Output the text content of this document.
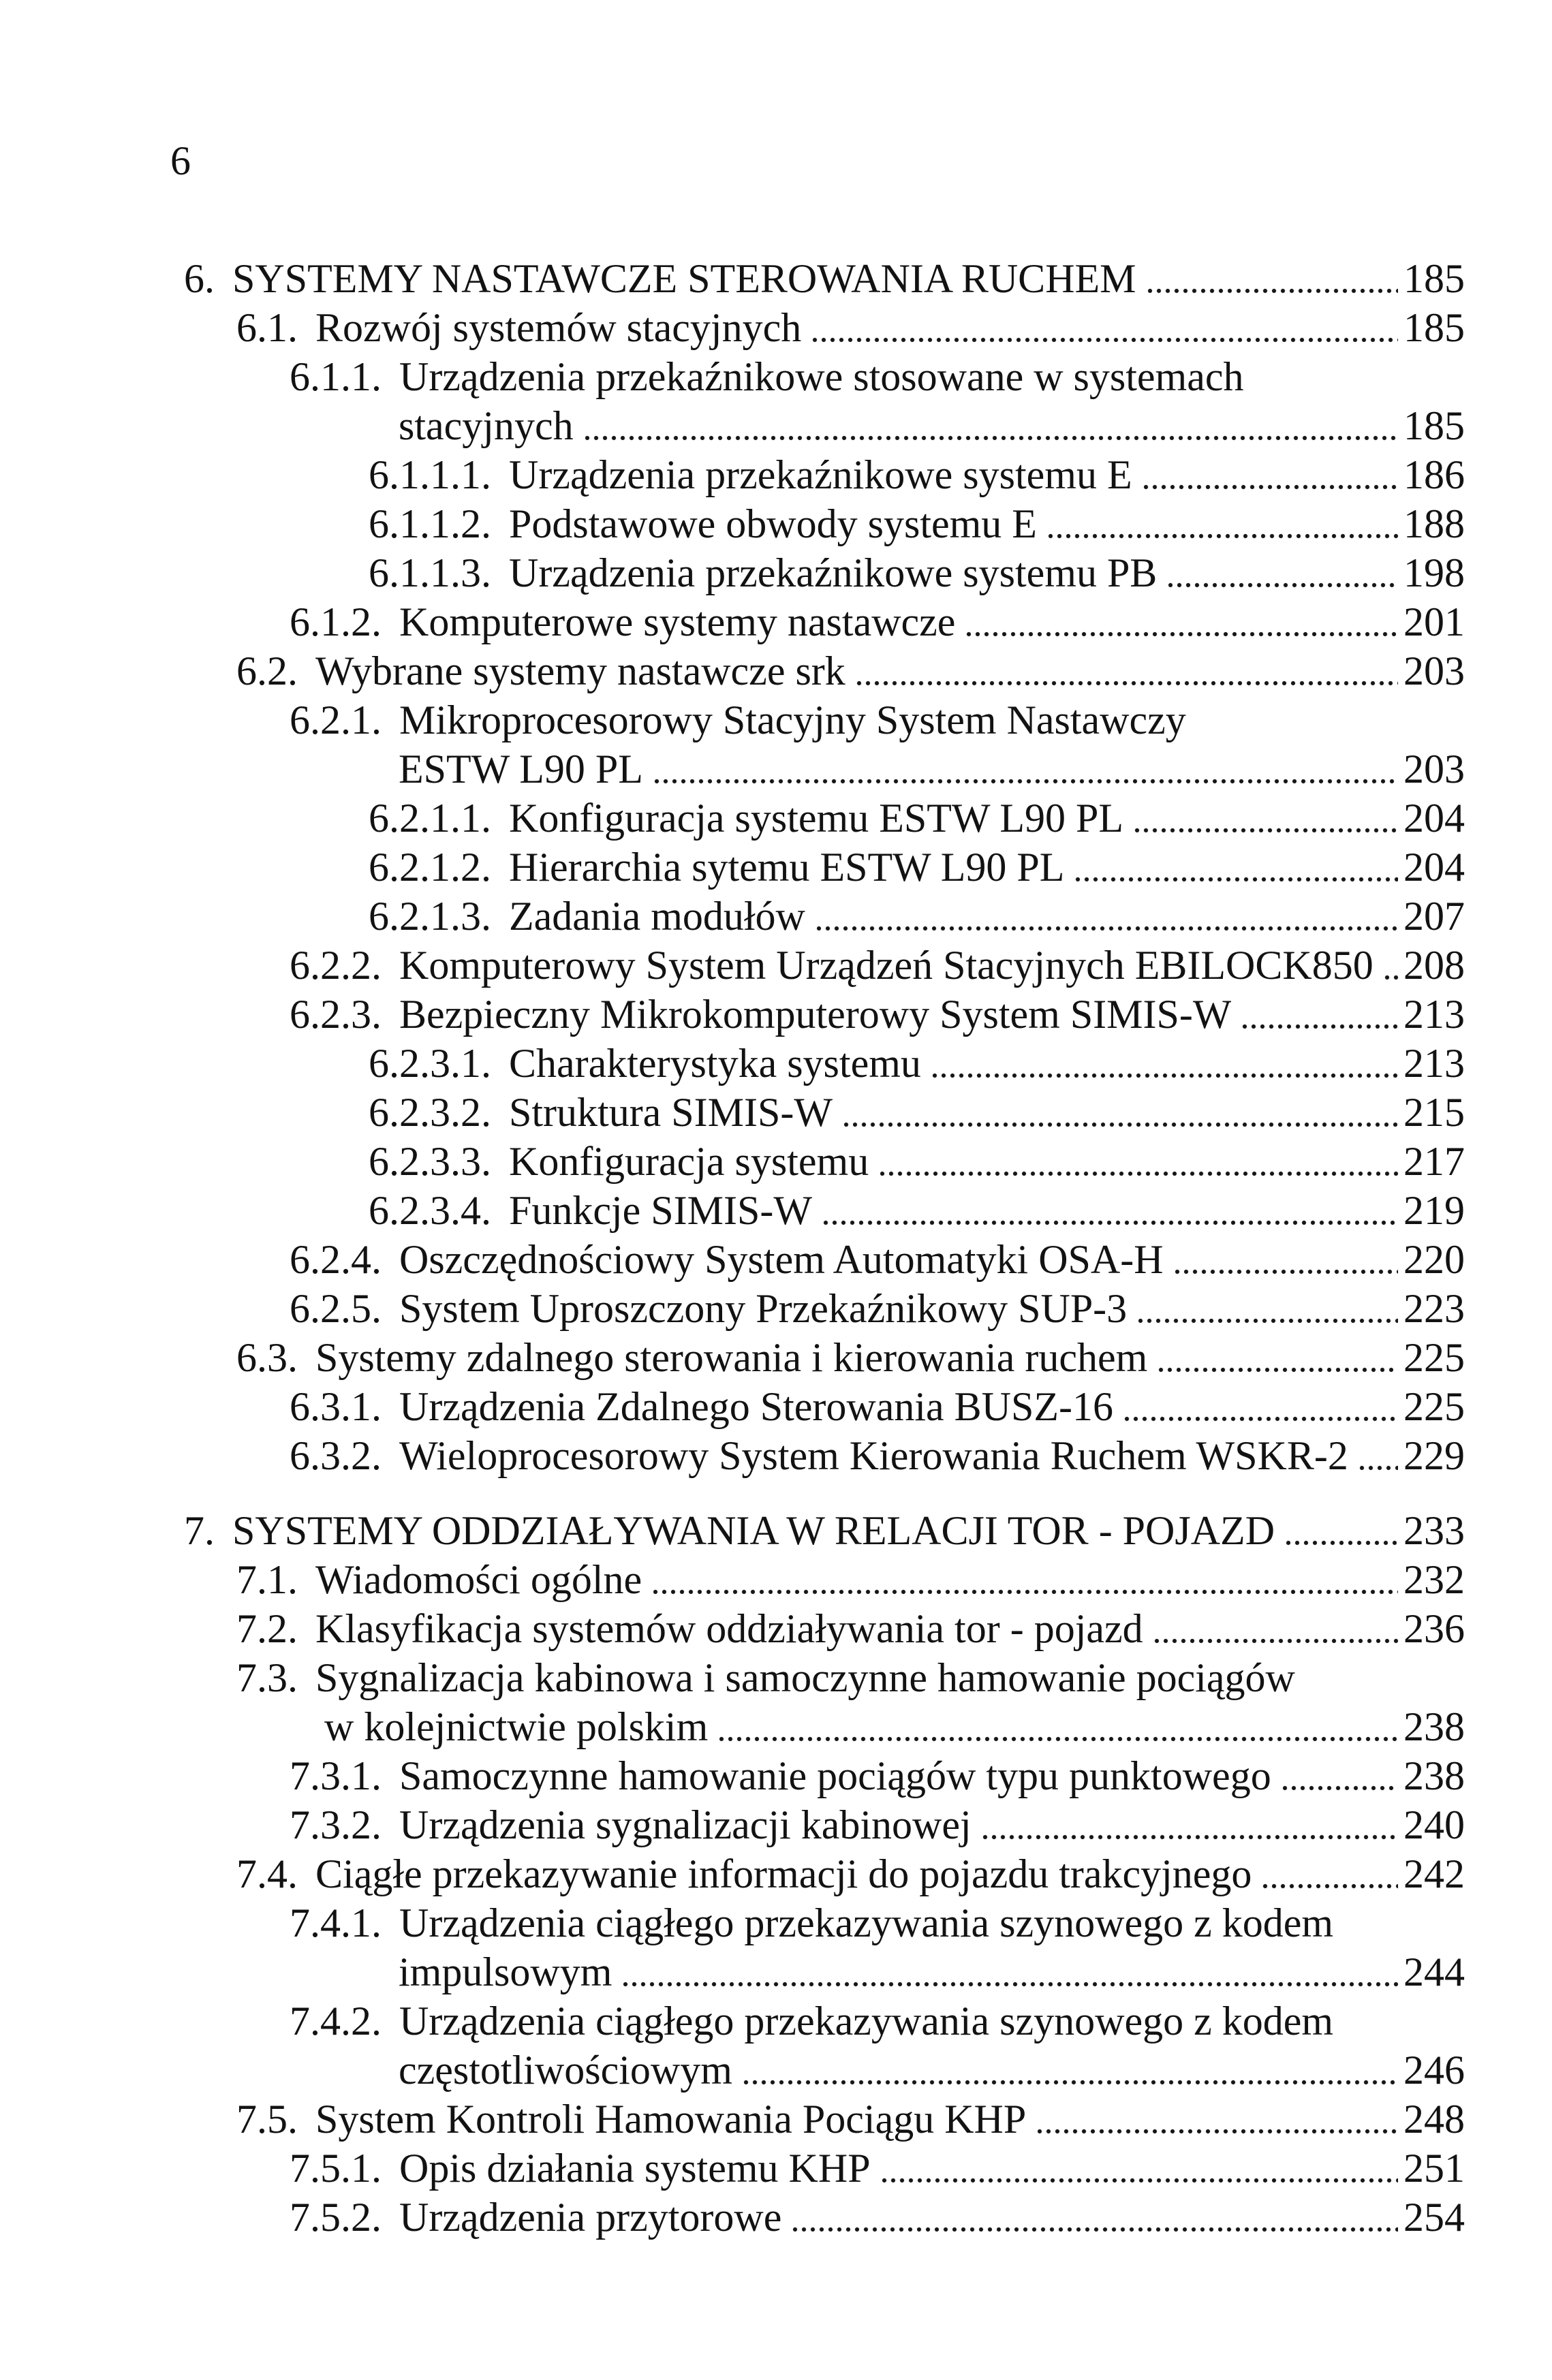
6
6. SYSTEMY NASTAWCZE STEROWANIA RUCHEM	185
6.1. Rozwój systemów stacyjnych	185
6.1.1. Urządzenia przekaźnikowe stosowane w systemach
stacyjnych	185
6.1.1.1. Urządzenia przekaźnikowe systemu E	186
6.1.1.2. Podstawowe obwody systemu E	188
6.1.1.3. Urządzenia przekaźnikowe systemu PB	198
6.1.2. Komputerowe systemy nastawcze	201
6.2. Wybrane systemy nastawcze srk	203
6.2.1. Mikroprocesorowy Stacyjny System Nastawczy
ESTW L90 PL	203
6.2.1.1. Konfiguracja systemu ESTW L90 PL	204
6.2.1.2. Hierarchia sytemu ESTW L90 PL	204
6.2.1.3. Zadania modułów	207
6.2.2. Komputerowy System Urządzeń Stacyjnych EBILOCK850 208
6.2.3. Bezpieczny Mikrokomputerowy System SIMIS-W	213
6.2.3.1. Charakterystyka systemu	213
6.2.3.2. Struktura SIMIS-W	215
6.2.3.3. Konfiguracja systemu	217
6.2.3.4. Funkcje SIMIS-W	219
6.2.4. Oszczędnościowy System Automatyki OSA-H	220
6.2.5. System Uproszczony Przekaźnikowy SUP-3	223
6.3. Systemy zdalnego sterowania i kierowania ruchem	225
6.3.1. Urządzenia Zdalnego Sterowania BUSZ-16	225
6.3.2. Wieloprocesorowy System Kierowania Ruchem WSKR-2 229
7. SYSTEMY ODDZIAŁYWANIA W RELACJI TOR - POJAZD	233
7.1. Wiadomości ogólne	232
7.2. Klasyfikacja systemów oddziaływania tor - pojazd	236
7.3. Sygnalizacja kabinowa i samoczynne hamowanie pociągów
w kolejnictwie polskim	238
7.3.1. Samoczynne hamowanie pociągów typu punktowego	238
7.3.2. Urządzenia sygnalizacji kabinowej	240
7.4. Ciągłe przekazywanie informacji do pojazdu trakcyjnego	242
7.4.1. Urządzenia ciągłego przekazywania szynowego z kodem
impulsowym	244
7.4.2. Urządzenia ciągłego przekazywania szynowego z kodem
częstotliwościowym	246
7.5. System Kontroli Hamowania Pociągu KHP	248
7.5.1. Opis działania systemu KHP	251
7.5.2. Urządzenia przytorowe	254
